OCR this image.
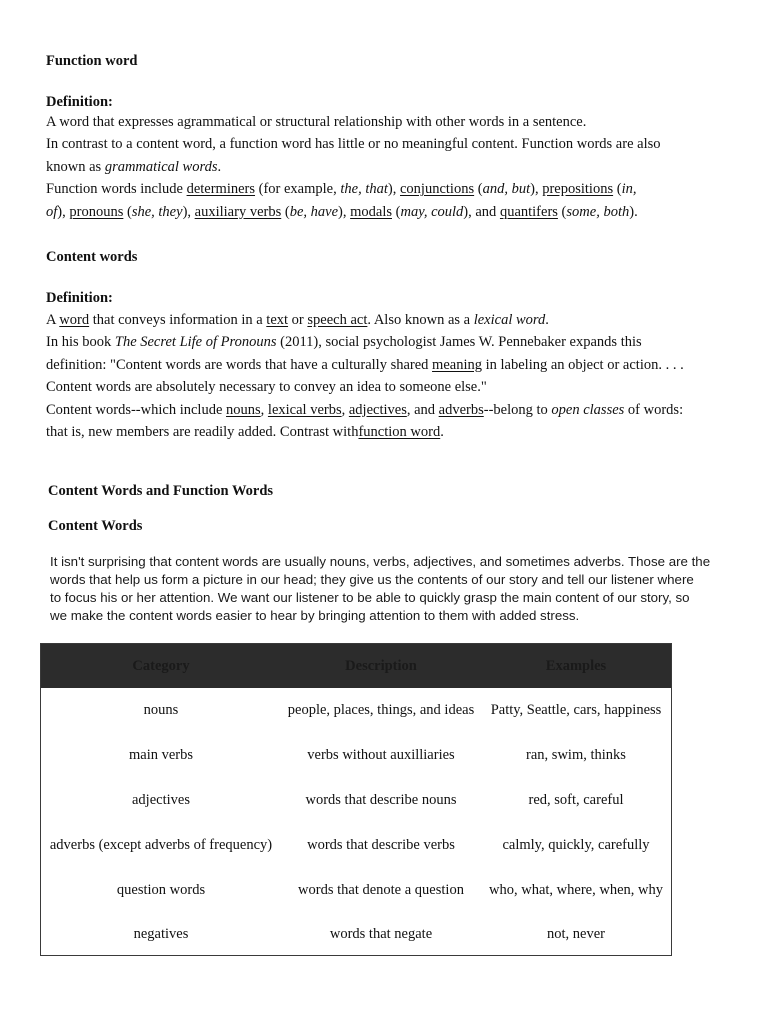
Function word
Definition:
A word that expresses agrammatical or structural relationship with other words in a sentence.
In contrast to a content word, a function word has little or no meaningful content. Function words are also
known as grammatical words.
Function words include determiners (for example, the, that), conjunctions (and, but), prepositions (in,
of), pronouns (she, they), auxiliary verbs (be, have), modals (may, could), and quantifers (some, both).
Content words
Definition:
A word that conveys information in a text or speech act. Also known as a lexical word.
In his book The Secret Life of Pronouns (2011), social psychologist James W. Pennebaker expands this
definition: "Content words are words that have a culturally shared meaning in labeling an object or action. . . .
Content words are absolutely necessary to convey an idea to someone else."
Content words--which include nouns, lexical verbs, adjectives, and adverbs--belong to open classes of words:
that is, new members are readily added. Contrast withfunction word.
Content Words and Function Words
Content Words
It isn't surprising that content words are usually nouns, verbs, adjectives, and sometimes adverbs. Those are the
words that help us form a picture in our head; they give us the contents of our story and tell our listener where
to focus his or her attention. We want our listener to be able to quickly grasp the main content of our story, so
we make the content words easier to hear by bringing attention to them with added stress.
Category	Description	Examples
nouns	people, places, things, and ideas	Patty, Seattle, cars, happiness
main verbs	verbs without auxilliaries	ran, swim, thinks
adjectives	words that describe nouns	red, soft, careful
adverbs (except adverbs of frequency)	words that describe verbs	calmly, quickly, carefully
question words	words that denote a question	who, what, where, when, why
negatives	words that negate	not, never
